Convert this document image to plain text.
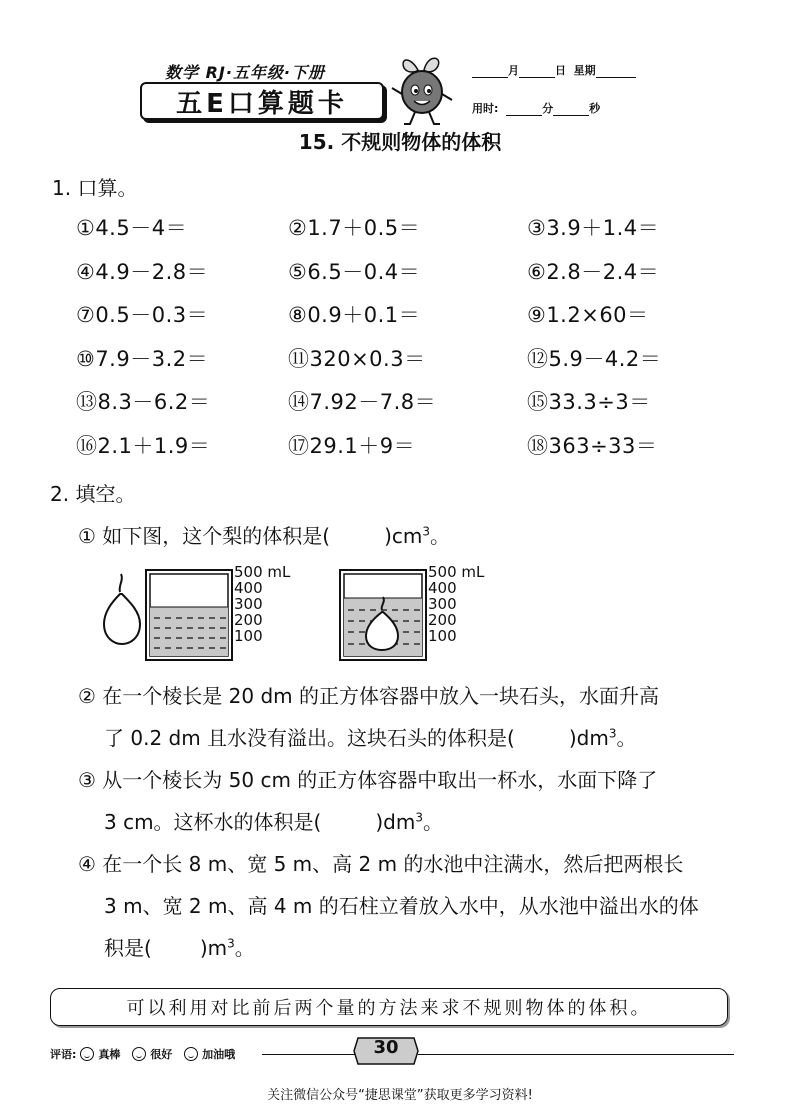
数学 RJ·五年级·下册
五E口算题卡
月	日 星期
用时:	分	秒
15. 不规则物体的体积
1. 口算。
①4.5－4＝	②1.7＋0.5＝	③3.9＋1.4＝
④4.9－2.8＝	⑤6.5－0.4＝	⑥2.8－2.4＝
⑦0.5－0.3＝	⑧0.9＋0.1＝	⑨1.2×60＝
⑩7.9－3.2＝	⑪320×0.3＝	⑫5.9－4.2＝
⑬8.3－6.2＝	⑭7.92－7.8＝	⑮33.3÷3＝
⑯2.1＋1.9＝	⑰29.1＋9＝	⑱363÷33＝
2. 填空。
① 如下图，这个梨的体积是(	)$cm^3$。
500 mL
400
300
200
100
500 mL
400
300
200
100
② 在一个棱长是 20 dm 的正方体容器中放入一块石头，水面升高
了 0.2 dm 且水没有溢出。这块石头的体积是(	)$dm^3$。
③ 从一个棱长为 50 cm 的正方体容器中取出一杯水，水面下降了
3 cm。这杯水的体积是(	)$dm^3$。
④ 在一个长 8 m、宽 5 m、高 2 m 的水池中注满水，然后把两根长
3 m、宽 2 m、高 4 m 的石柱立着放入水中，从水池中溢出水的体
积是( )$m^3$。
可以利用对比前后两个量的方法来求不规则物体的体积。
评语: 真棒
	很好
	加油哦	30
关注微信公众号“捷思课堂”获取更多学习资料!
